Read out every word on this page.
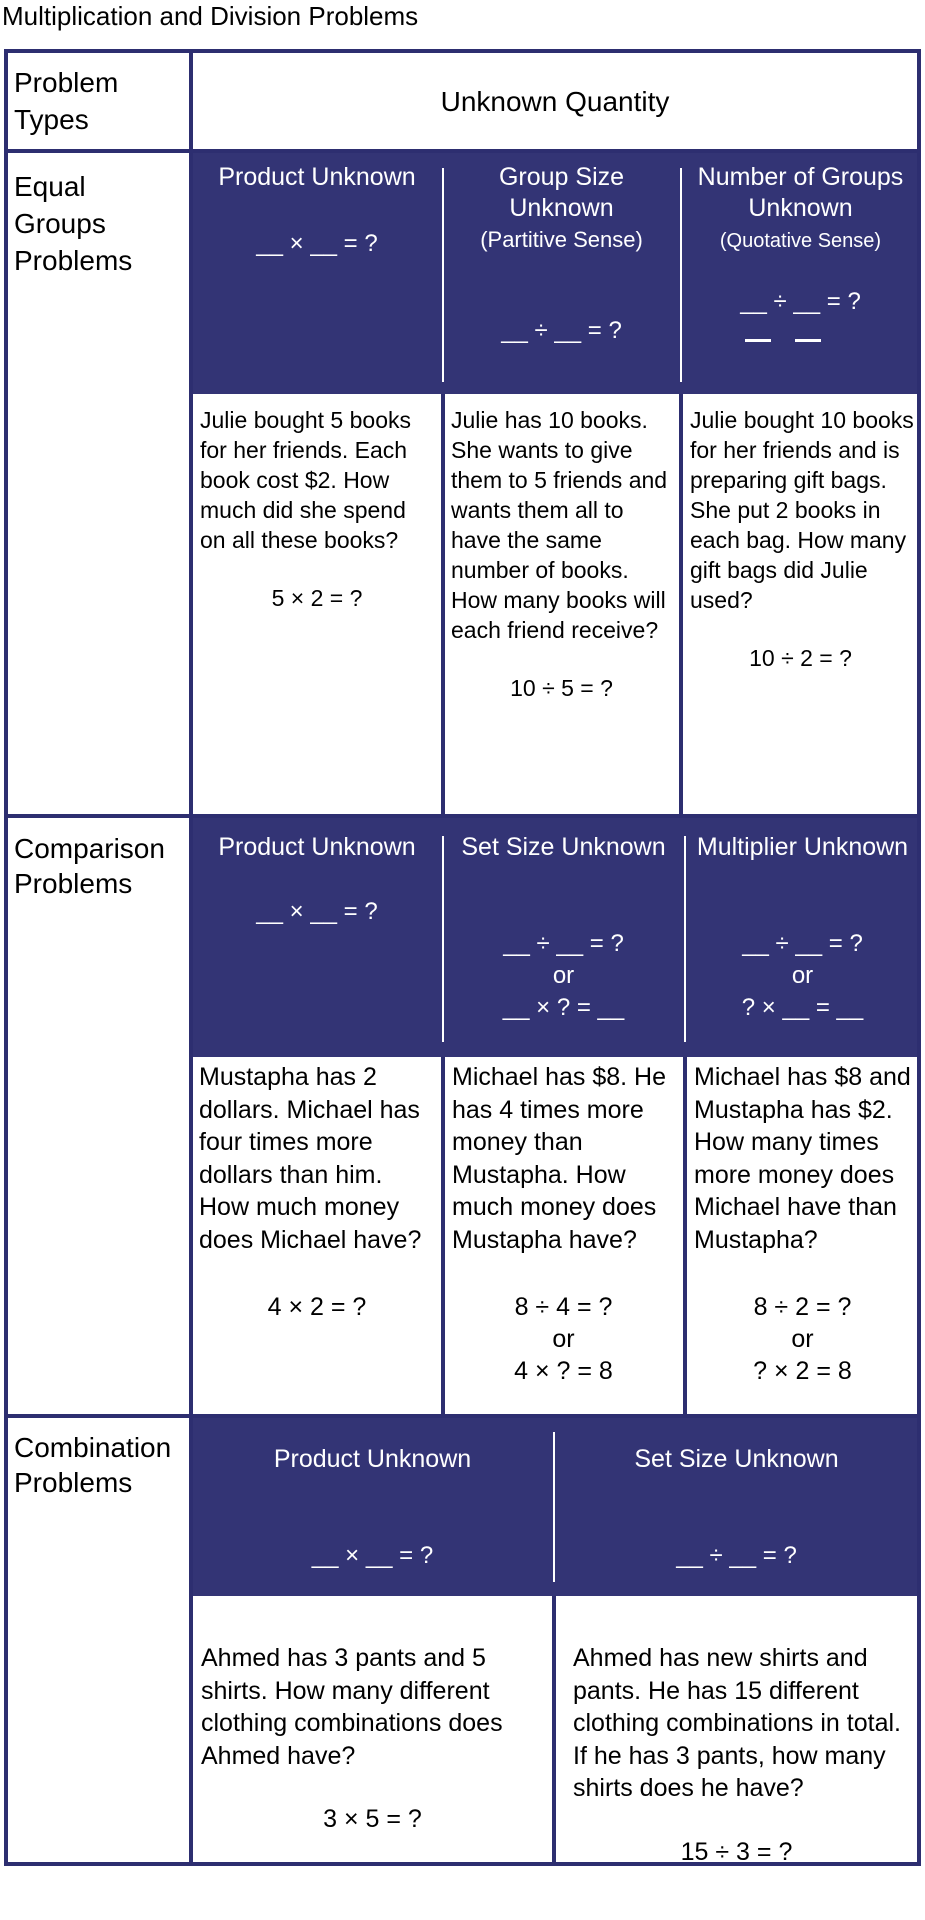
Multiplication and Division Problems
Problem Types
Unknown Quantity
Equal Groups Problems
Product Unknown
__ × __ = ?
Group Size Unknown
(Partitive Sense)
__ ÷ __ = ?
Number of Groups Unknown
(Quotative Sense)
__ ÷ __ = ?
Julie bought 5 books for her friends. Each book cost $2. How much did she spend on all these books?
5 × 2 = ?
Julie has 10 books. She wants to give them to 5 friends and wants them all to have the same number of books. How many books will each friend receive?
10 ÷ 5 = ?
Julie bought 10 books for her friends and is preparing gift bags. She put 2 books in each bag. How many gift bags did Julie used?
10 ÷ 2 = ?
Comparison Problems
Product Unknown
__ × __ = ?
Set Size Unknown
__ ÷ __ = ?
or
__ × ? = __
Multiplier Unknown
__ ÷ __ = ?
or
? × __ = __
Mustapha has 2 dollars. Michael has four times more dollars than him. How much money does Michael have?
4 × 2 = ?
Michael has $8. He has 4 times more money than Mustapha. How much money does Mustapha have?
8 ÷ 4 = ?
or
4 × ? = 8
Michael has $8 and Mustapha has $2. How many times more money does Michael have than Mustapha?
8 ÷ 2 = ?
or
? × 2 = 8
Combination Problems
Product Unknown
__ × __ = ?
Set Size Unknown
__ ÷ __ = ?
Ahmed has 3 pants and 5 shirts. How many different clothing combinations does Ahmed have?
3 × 5 = ?
Ahmed has new shirts and pants. He has 15 different clothing combinations in total. If he has 3 pants, how many shirts does he have?
15 ÷ 3 = ?
